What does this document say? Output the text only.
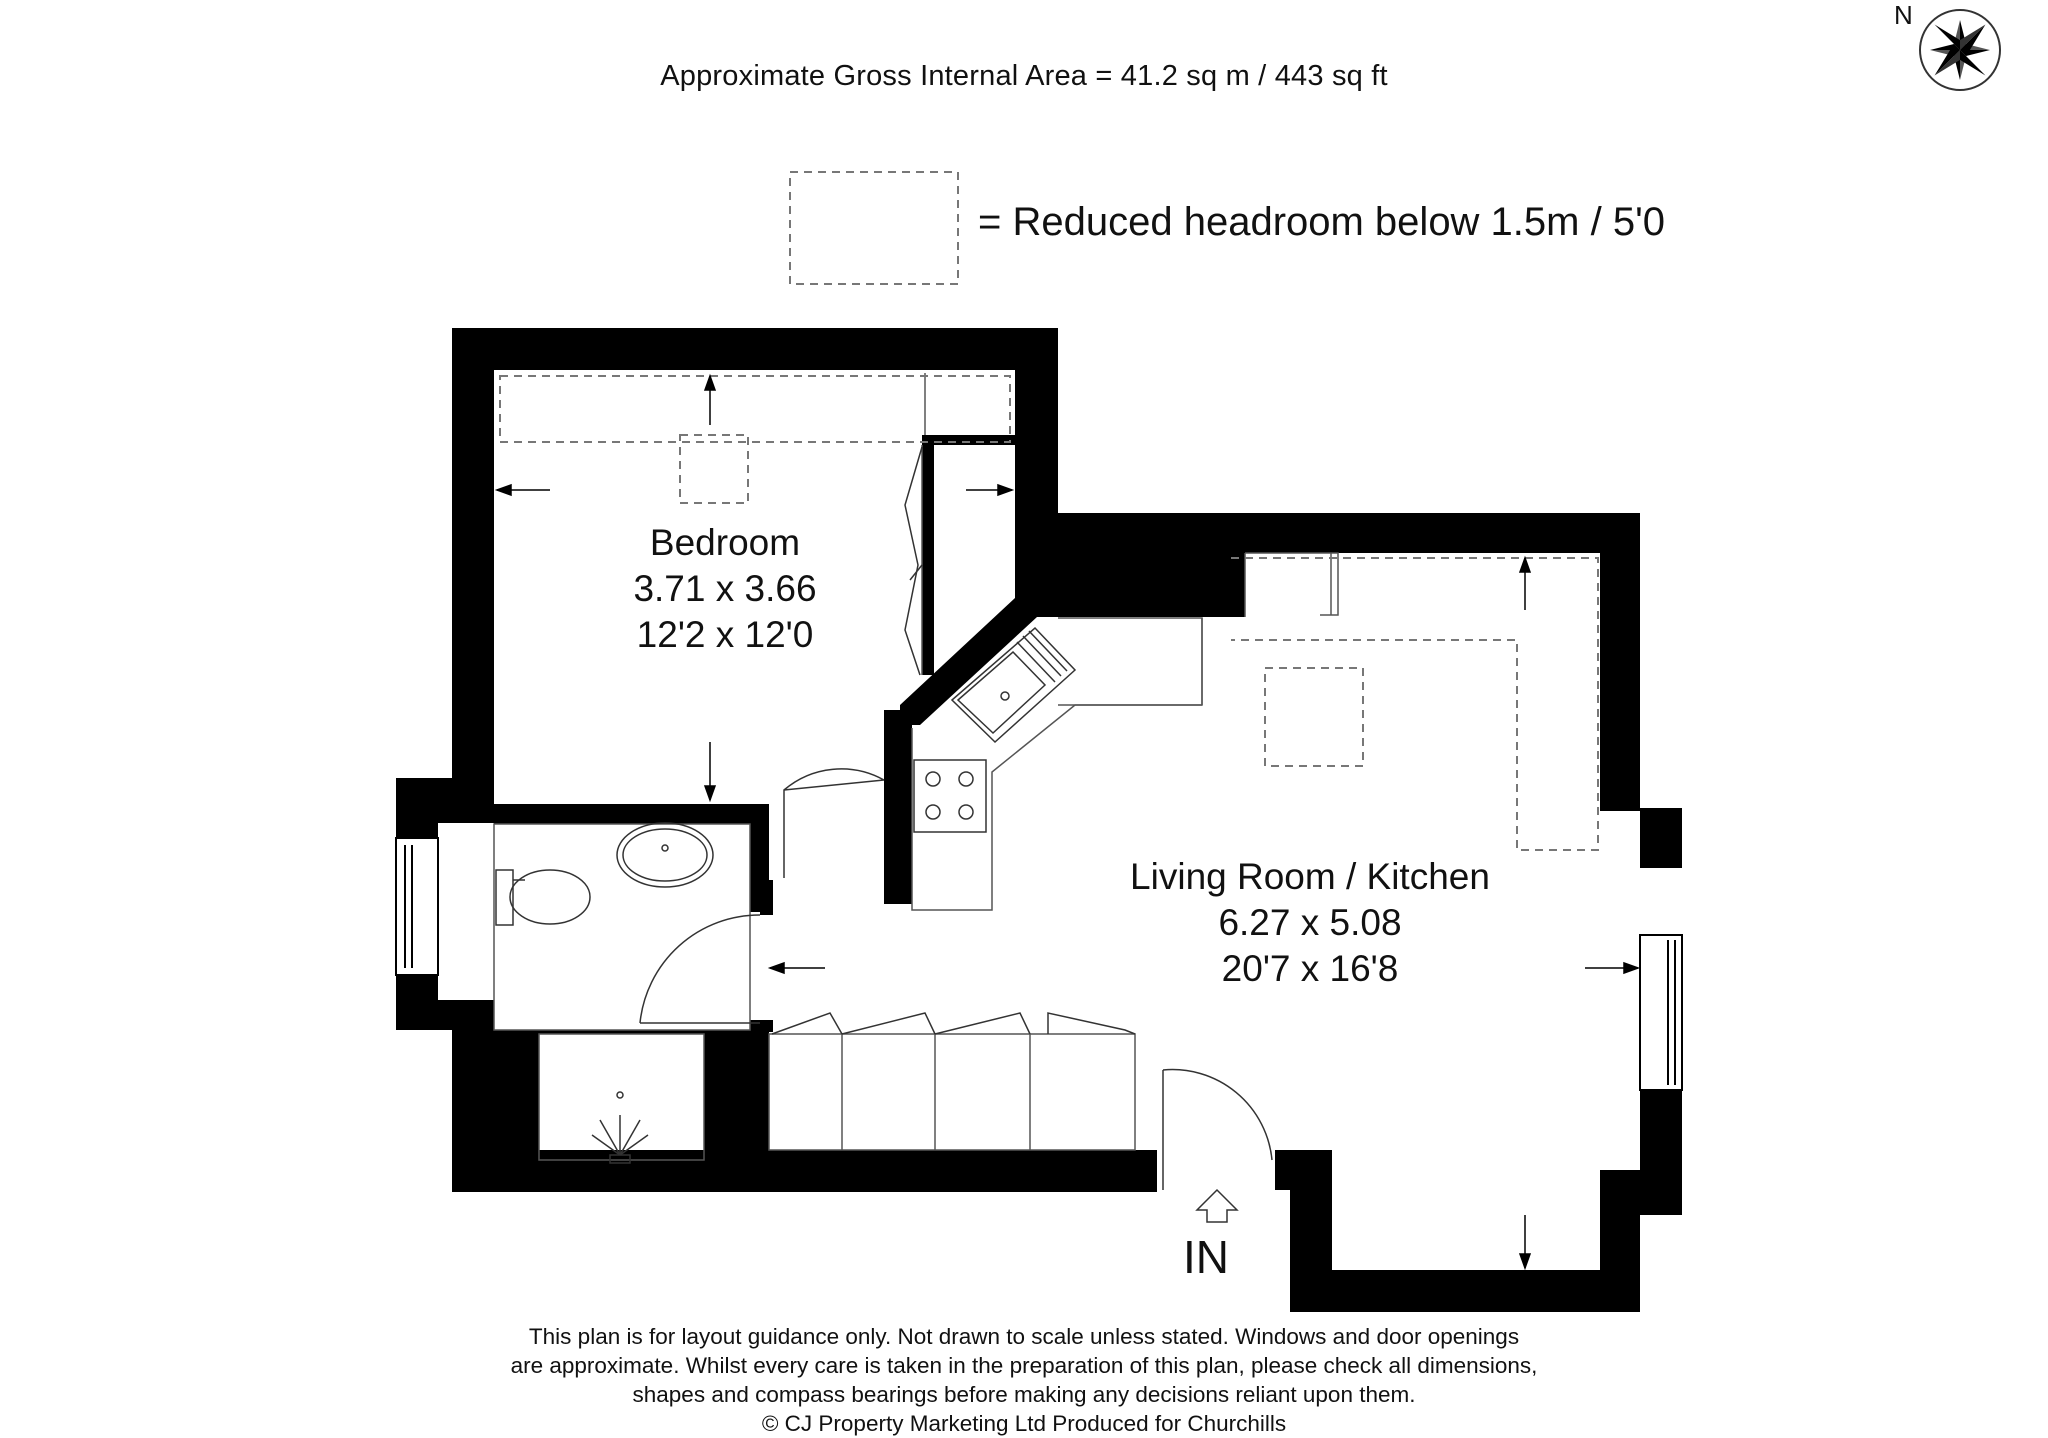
Approximate Gross Internal Area = 41.2 sq m / 443 sq ft
N
= Reduced headroom below 1.5m / 5'0
Bedroom
3.71 x 3.66
12'2 x 12'0
Living Room / Kitchen
6.27 x 5.08
20'7 x 16'8
IN
This plan is for layout guidance only. Not drawn to scale unless stated. Windows and door openings
are approximate. Whilst every care is taken in the preparation of this plan, please check all dimensions,
shapes and compass bearings before making any decisions reliant upon them.
© CJ Property Marketing Ltd Produced for Churchills
